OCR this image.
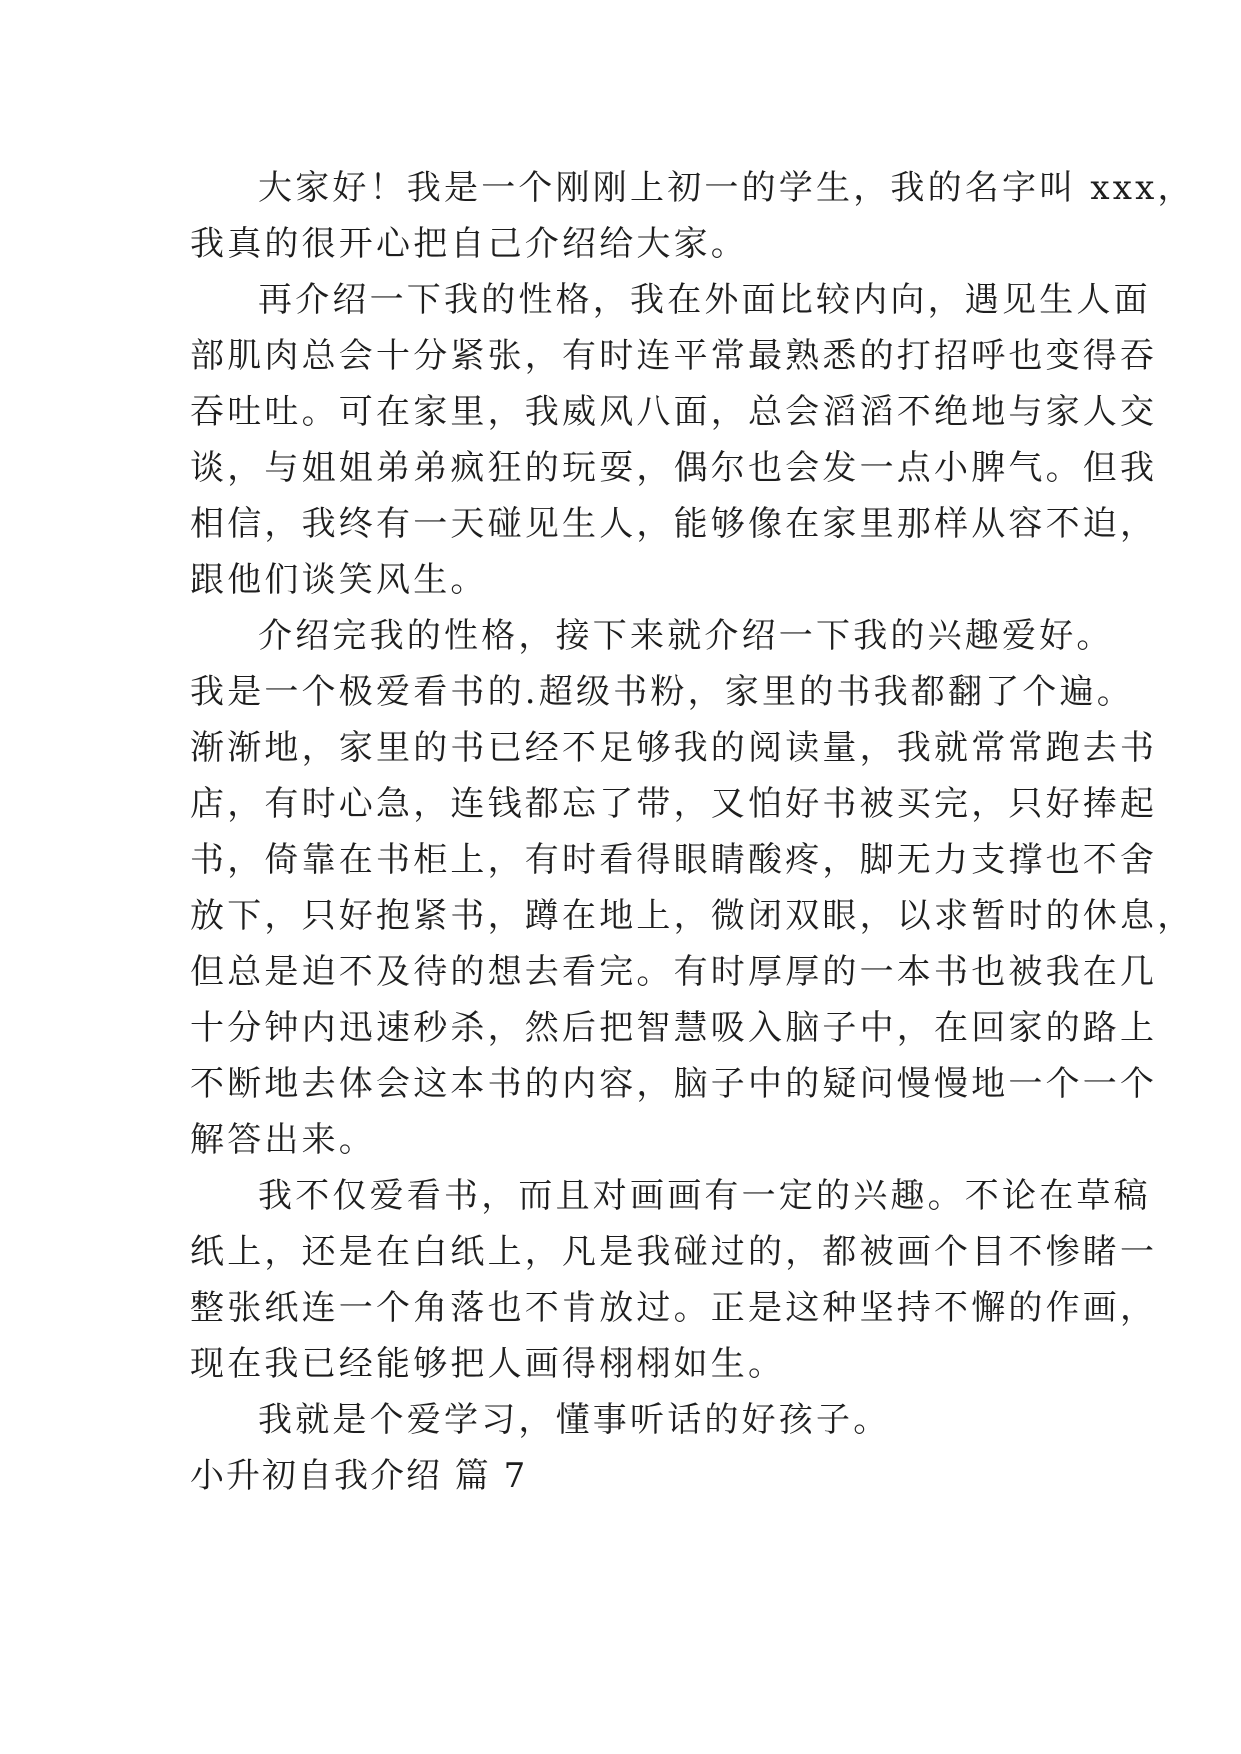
大家好！我是一个刚刚上初一的学生，我的名字叫 xxx，
我真的很开心把自己介绍给大家。
再介绍一下我的性格，我在外面比较内向，遇见生人面
部肌肉总会十分紧张，有时连平常最熟悉的打招呼也变得吞
吞吐吐。可在家里，我威风八面，总会滔滔不绝地与家人交
谈，与姐姐弟弟疯狂的玩耍，偶尔也会发一点小脾气。但我
相信，我终有一天碰见生人，能够像在家里那样从容不迫，
跟他们谈笑风生。
介绍完我的性格，接下来就介绍一下我的兴趣爱好。
我是一个极爱看书的.超级书粉，家里的书我都翻了个遍。
渐渐地，家里的书已经不足够我的阅读量，我就常常跑去书
店，有时心急，连钱都忘了带，又怕好书被买完，只好捧起
书，倚靠在书柜上，有时看得眼睛酸疼，脚无力支撑也不舍
放下，只好抱紧书，蹲在地上，微闭双眼，以求暂时的休息，
但总是迫不及待的想去看完。有时厚厚的一本书也被我在几
十分钟内迅速秒杀，然后把智慧吸入脑子中，在回家的路上
不断地去体会这本书的内容，脑子中的疑问慢慢地一个一个
解答出来。
我不仅爱看书，而且对画画有一定的兴趣。不论在草稿
纸上，还是在白纸上，凡是我碰过的，都被画个目不惨睹一
整张纸连一个角落也不肯放过。正是这种坚持不懈的作画，
现在我已经能够把人画得栩栩如生。
我就是个爱学习，懂事听话的好孩子。
小升初自我介绍 篇 7
